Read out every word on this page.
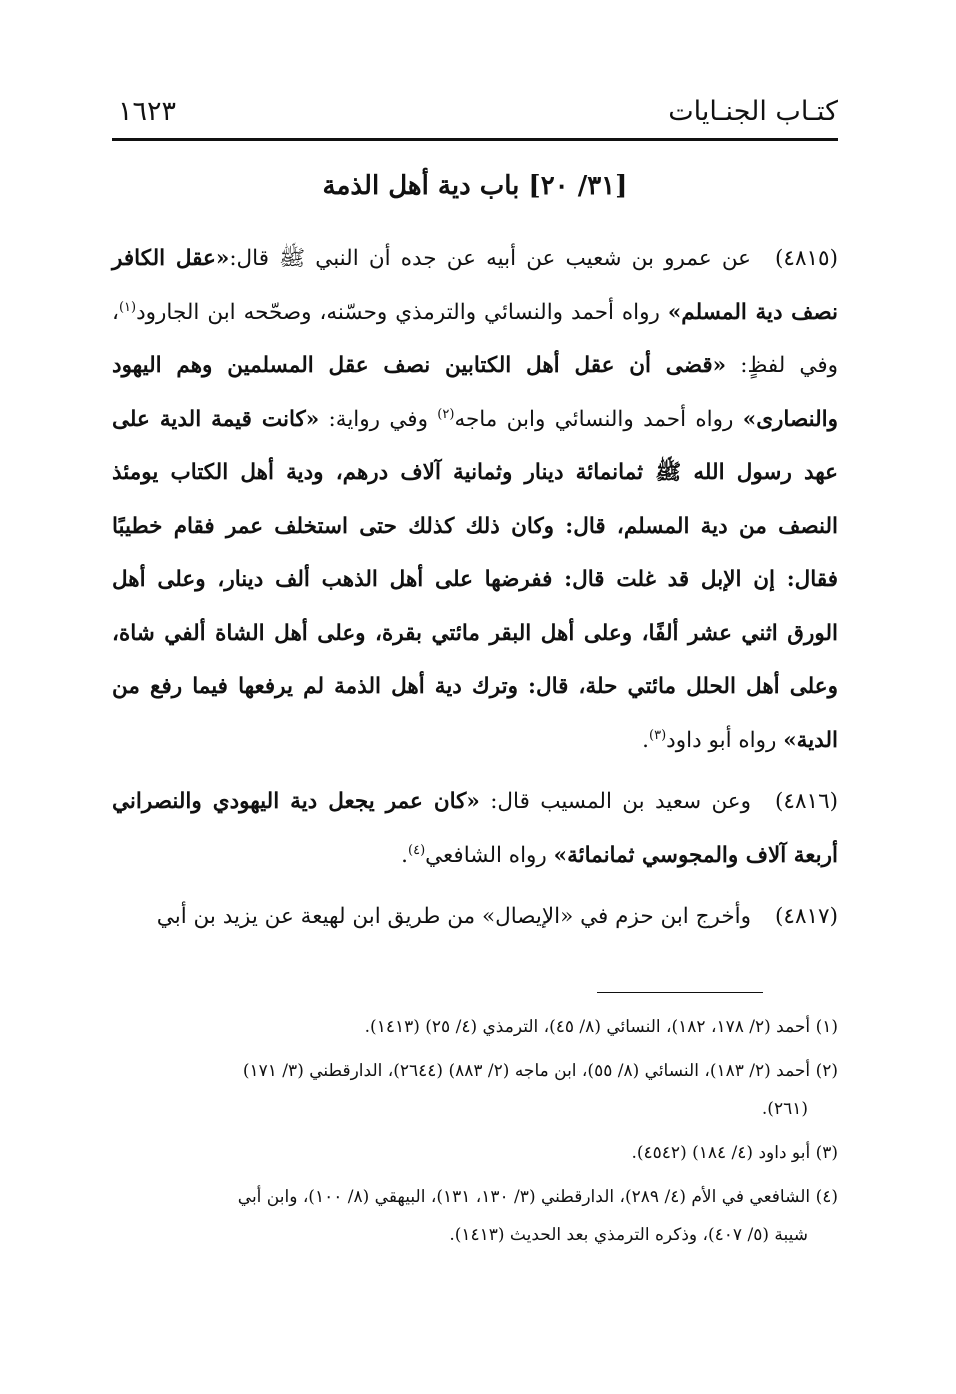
كتـاب الجنـايات
١٦٢٣
[٣١/ ٢٠] باب دية أهل الذمة

(٤٨١٥)عن عمرو بن شعيب عن أبيه عن جده أن النبي ﷺ قال:«عقل الكافر نصف دية المسلم» رواه أحمد والنسائي والترمذي وحسّنه، وصحّحه ابن الجارود$^{(١)}$، وفي لفظٍ: «قضى أن عقل أهل الكتابين نصف عقل المسلمين وهم اليهود والنصارى» رواه أحمد والنسائي وابن ماجه$^{(٢)}$ وفي رواية: «كانت قيمة الدية على عهد رسول الله ﷺ ثمانمائة دينار وثمانية آلاف درهم، ودية أهل الكتاب يومئذ النصف من دية المسلم، قال: وكان ذلك كذلك حتى استخلف عمر فقام خطيبًا فقال: إن الإبل قد غلت قال: ففرضها على أهل الذهب ألف دينار، وعلى أهل الورق اثني عشر ألفًا، وعلى أهل البقر مائتي بقرة، وعلى أهل الشاة ألفي شاة، وعلى أهل الحلل مائتي حلة، قال: وترك دية أهل الذمة لم يرفعها فيما رفع من الدية» رواه أبو داود$^{(٣)}$.

(٤٨١٦)وعن سعيد بن المسيب قال: «كان عمر يجعل دية اليهودي والنصراني أربعة آلاف والمجوسي ثمانمائة» رواه الشافعي$^{(٤)}$.

(٤٨١٧)وأخرج ابن حزم في «الإيصال» من طريق ابن لهيعة عن يزيد بن أبي

(١) أحمد (٢/ ١٧٨، ١٨٢)، النسائي (٨/ ٤٥)، الترمذي (٤/ ٢٥) (١٤١٣).

(٢) أحمد (٢/ ١٨٣)، النسائي (٨/ ٥٥)، ابن ماجه (٢/ ٨٨٣) (٢٦٤٤)، الدارقطني (٣/ ١٧١)
(٢٦١).

(٣) أبو داود (٤/ ١٨٤) (٤٥٤٢).

(٤) الشافعي في الأم (٤/ ٢٨٩)، الدارقطني (٣/ ١٣٠، ١٣١)، البيهقي (٨/ ١٠٠)، وابن أبي
شيبة (٥/ ٤٠٧)، وذكره الترمذي بعد الحديث (١٤١٣).
